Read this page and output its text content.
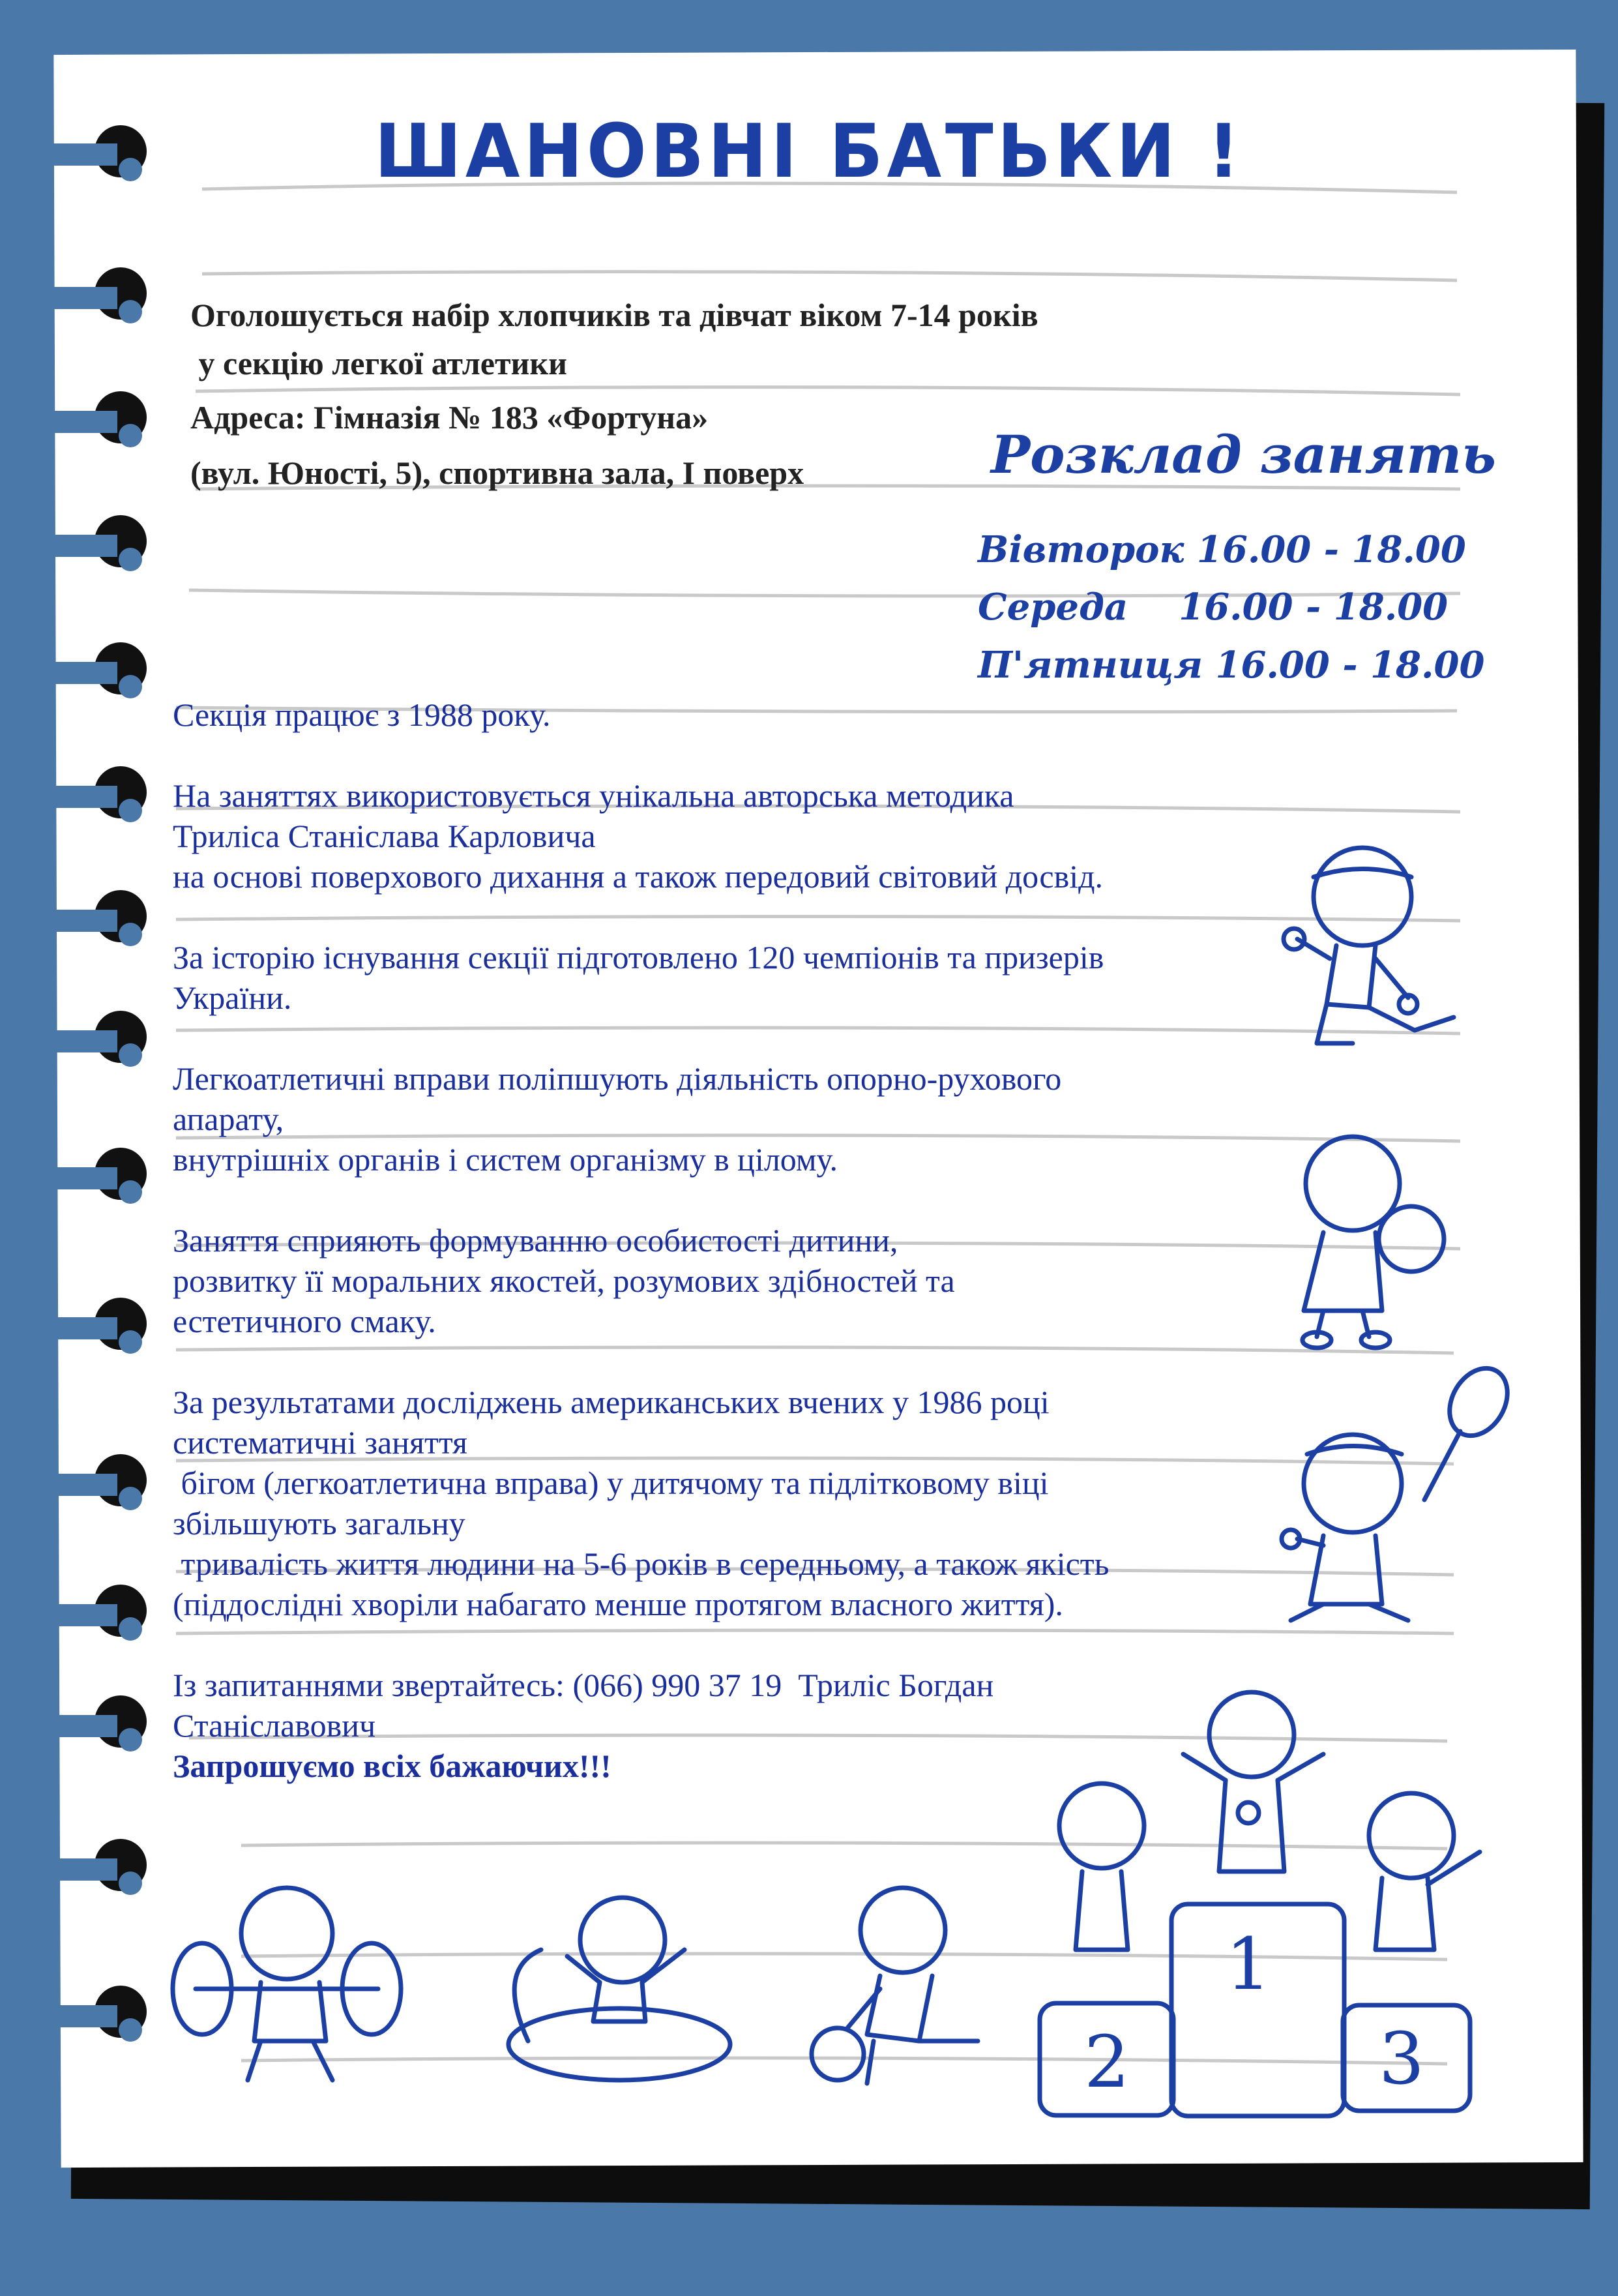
ШАНОВНІ БАТЬКИ !
Оголошується набір хлопчиків та дівчат віком 7-14 років
у секцію легкої атлетики
Адреса: Гімназія № 183 «Фортуна»
(вул. Юності, 5), спортивна зала, I поверх	Розклад занять
Вівторок 16.00 - 18.00
Середа    16.00 - 18.00
П'ятниця 16.00 - 18.00

Секція працює з 1988 року.

На заняттях використовується унікальна авторська методика
Триліса Станіслава Карловича
на основі поверхового дихання а також передовий світовий досвід.

За історію існування секції підготовлено 120 чемпіонів та призерів
України.

Легкоатлетичні вправи поліпшують діяльність опорно-рухового
апарату,
внутрішніх органів і систем організму в цілому.

Заняття сприяють формуванню особистості дитини,
розвитку її моральних якостей, розумових здібностей та
естетичного смаку.

За результатами досліджень американських вчених у 1986 році
систематичні заняття
бігом (легкоатлетична вправа) у дитячому та підлітковому віці
збільшують загальну
тривалість життя людини на 5-6 років в середньому, а також якість
(піддослідні хворіли набагато менше протягом власного життя).

Із запитаннями звертайтесь: (066) 990 37 19  Триліс Богдан
Станіславович
Запрошуємо всіх бажаючих!!!

1
2	3
